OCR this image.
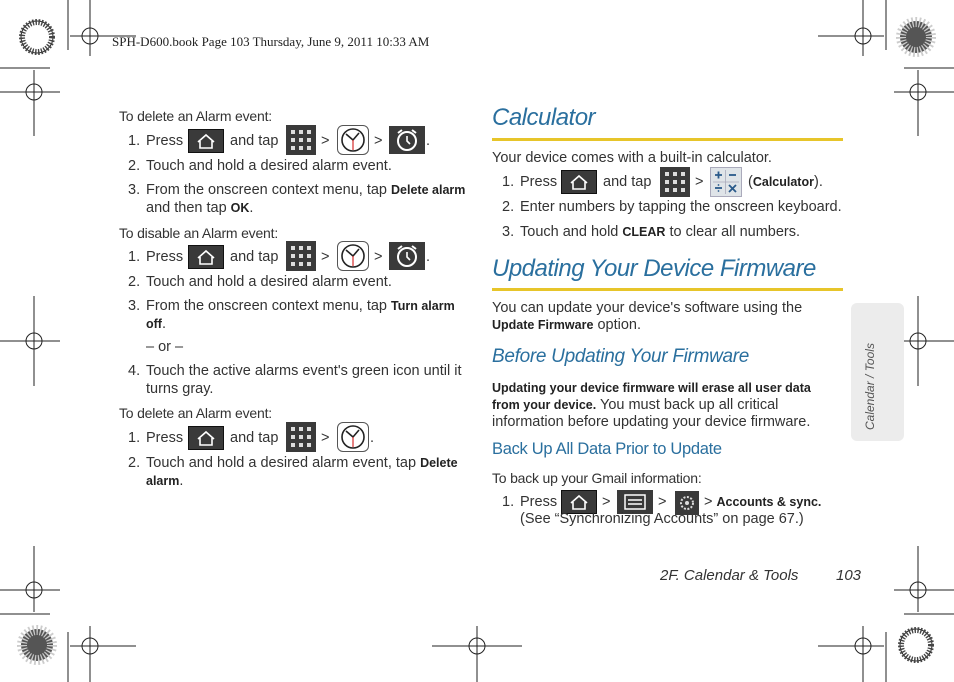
SPH-D600.book Page 103 Thursday, June 9, 2011 10:33 AM
To delete an Alarm event:
1. Press	and tap	>	>	.
2. Touch and hold a desired alarm event.
3. From the onscreen context menu, tap Delete alarm
and then tap OK.
To disable an Alarm event:
1. Press	and tap	>	>	.
2. Touch and hold a desired alarm event.
3. From the onscreen context menu, tap Turn alarm
off.
– or –
4. Touch the active alarms event's green icon until it
turns gray.
To delete an Alarm event:
1. Press	and tap	>	.
2. Touch and hold a desired alarm event, tap Delete
alarm.
Calculator
Your device comes with a built-in calculator.
1. Press	and tap	>	(Calculator).
2. Enter numbers by tapping the onscreen keyboard.
3. Touch and hold CLEAR to clear all numbers.
Updating Your Device Firmware
You can update your device's software using the
Update Firmware option.
Before Updating Your Firmware
Updating your device firmware will erase all user data
from your device. You must back up all critical
information before updating your device firmware.
Back Up All Data Prior to Update
To back up your Gmail information:
1. Press	>	>	> Accounts & sync.
(See “Synchronizing Accounts” on page 67.)
Calendar / Tools
2F. Calendar & Tools	103
